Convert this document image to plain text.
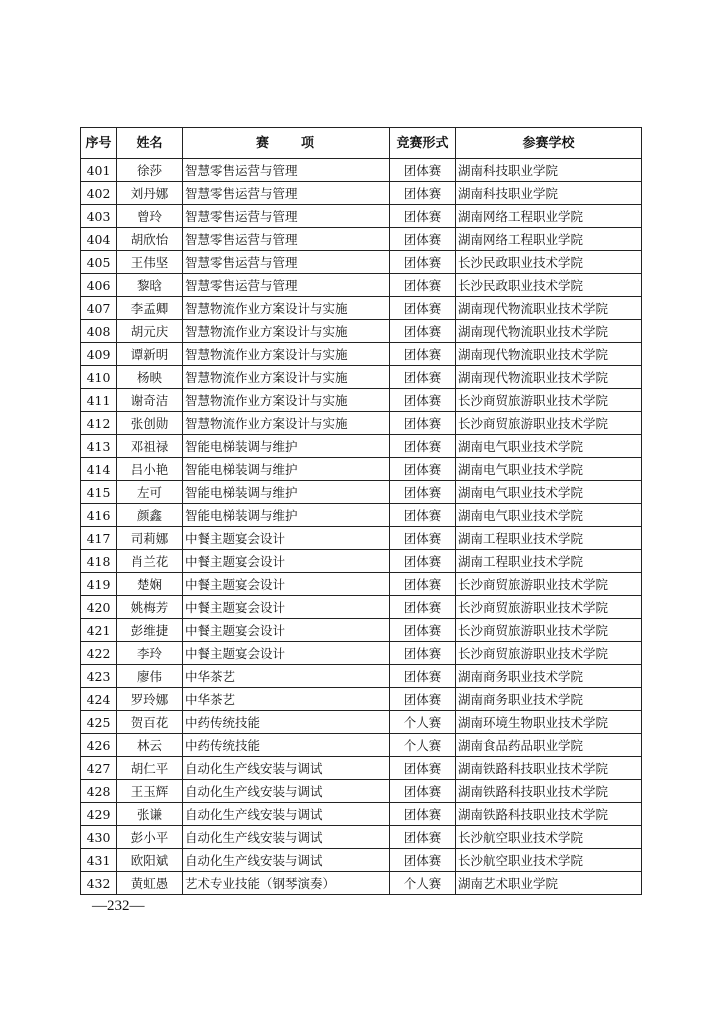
序号	姓名	赛　　项	竞赛形式	参赛学校
401	徐莎	智慧零售运营与管理	团体赛	湖南科技职业学院
402	刘丹娜	智慧零售运营与管理	团体赛	湖南科技职业学院
403	曾玲	智慧零售运营与管理	团体赛	湖南网络工程职业学院
404	胡欣怡	智慧零售运营与管理	团体赛	湖南网络工程职业学院
405	王伟坚	智慧零售运营与管理	团体赛	长沙民政职业技术学院
406	黎晗	智慧零售运营与管理	团体赛	长沙民政职业技术学院
407	李孟卿	智慧物流作业方案设计与实施	团体赛	湖南现代物流职业技术学院
408	胡元庆	智慧物流作业方案设计与实施	团体赛	湖南现代物流职业技术学院
409	谭新明	智慧物流作业方案设计与实施	团体赛	湖南现代物流职业技术学院
410	杨映	智慧物流作业方案设计与实施	团体赛	湖南现代物流职业技术学院
411	谢奇洁	智慧物流作业方案设计与实施	团体赛	长沙商贸旅游职业技术学院
412	张创勋	智慧物流作业方案设计与实施	团体赛	长沙商贸旅游职业技术学院
413	邓祖禄	智能电梯装调与维护	团体赛	湖南电气职业技术学院
414	吕小艳	智能电梯装调与维护	团体赛	湖南电气职业技术学院
415	左可	智能电梯装调与维护	团体赛	湖南电气职业技术学院
416	颜鑫	智能电梯装调与维护	团体赛	湖南电气职业技术学院
417	司莉娜	中餐主题宴会设计	团体赛	湖南工程职业技术学院
418	肖兰花	中餐主题宴会设计	团体赛	湖南工程职业技术学院
419	楚娴	中餐主题宴会设计	团体赛	长沙商贸旅游职业技术学院
420	姚梅芳	中餐主题宴会设计	团体赛	长沙商贸旅游职业技术学院
421	彭维捷	中餐主题宴会设计	团体赛	长沙商贸旅游职业技术学院
422	李玲	中餐主题宴会设计	团体赛	长沙商贸旅游职业技术学院
423	廖伟	中华茶艺	团体赛	湖南商务职业技术学院
424	罗玲娜	中华茶艺	团体赛	湖南商务职业技术学院
425	贺百花	中药传统技能	个人赛	湖南环境生物职业技术学院
426	林云	中药传统技能	个人赛	湖南食品药品职业学院
427	胡仁平	自动化生产线安装与调试	团体赛	湖南铁路科技职业技术学院
428	王玉辉	自动化生产线安装与调试	团体赛	湖南铁路科技职业技术学院
429	张谦	自动化生产线安装与调试	团体赛	湖南铁路科技职业技术学院
430	彭小平	自动化生产线安装与调试	团体赛	长沙航空职业技术学院
431	欧阳斌	自动化生产线安装与调试	团体赛	长沙航空职业技术学院
432	黄虹愚	艺术专业技能（钢琴演奏）	个人赛	湖南艺术职业学院
—232—
